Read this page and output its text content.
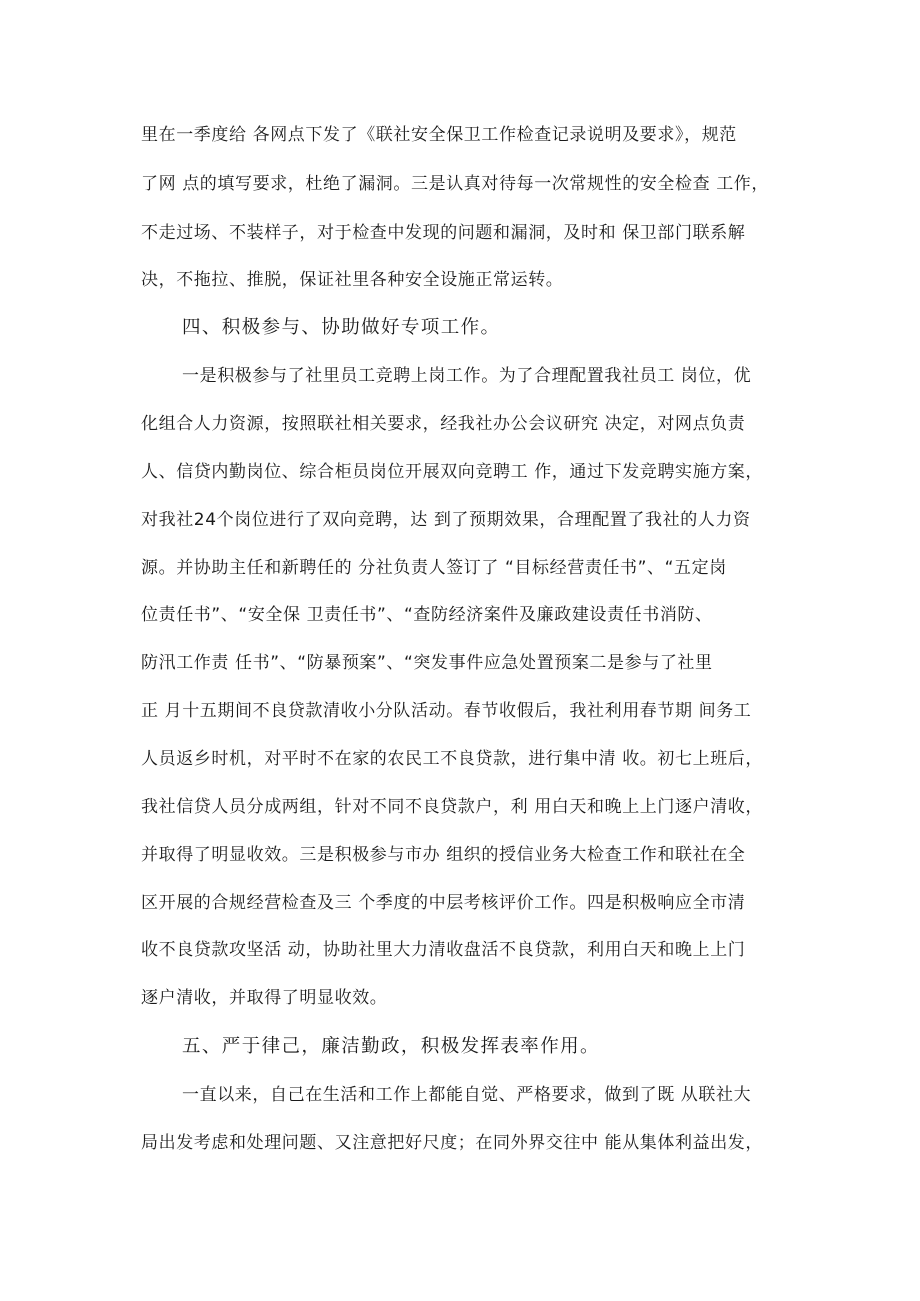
里在一季度给 各网点下发了《联社安全保卫工作检查记录说明及要求》，规范
了网 点的填写要求，杜绝了漏洞。三是认真对待每一次常规性的安全检查 工作，
不走过场、不装样子，对于检查中发现的问题和漏洞，及时和 保卫部门联系解
决，不拖拉、推脱，保证社里各种安全设施正常运转。
四、积极参与、协助做好专项工作。
一是积极参与了社里员工竞聘上岗工作。为了合理配置我社员工 岗位，优
化组合人力资源，按照联社相关要求，经我社办公会议研究 决定，对网点负责
人、信贷内勤岗位、综合柜员岗位开展双向竞聘工 作，通过下发竞聘实施方案，
对我社24个岗位进行了双向竞聘，达 到了预期效果，合理配置了我社的人力资
源。并协助主任和新聘任的 分社负责人签订了 “目标经营责任书”、“五定岗
位责任书”、“安全保 卫责任书”、“查防经济案件及廉政建设责任书消防、
防汛工作责 任书”、“防暴预案”、“突发事件应急处置预案二是参与了社里
正 月十五期间不良贷款清收小分队活动。春节收假后，我社利用春节期 间务工
人员返乡时机，对平时不在家的农民工不良贷款，进行集中清 收。初七上班后，
我社信贷人员分成两组，针对不同不良贷款户，利 用白天和晚上上门逐户清收，
并取得了明显收效。三是积极参与市办 组织的授信业务大检查工作和联社在全
区开展的合规经营检查及三 个季度的中层考核评价工作。四是积极响应全市清
收不良贷款攻坚活 动，协助社里大力清收盘活不良贷款，利用白天和晚上上门
逐户清收，并取得了明显收效。
五、严于律己，廉洁勤政，积极发挥表率作用。
一直以来，自己在生活和工作上都能自觉、严格要求，做到了既 从联社大
局出发考虑和处理问题、又注意把好尺度；在同外界交往中 能从集体利益出发，
